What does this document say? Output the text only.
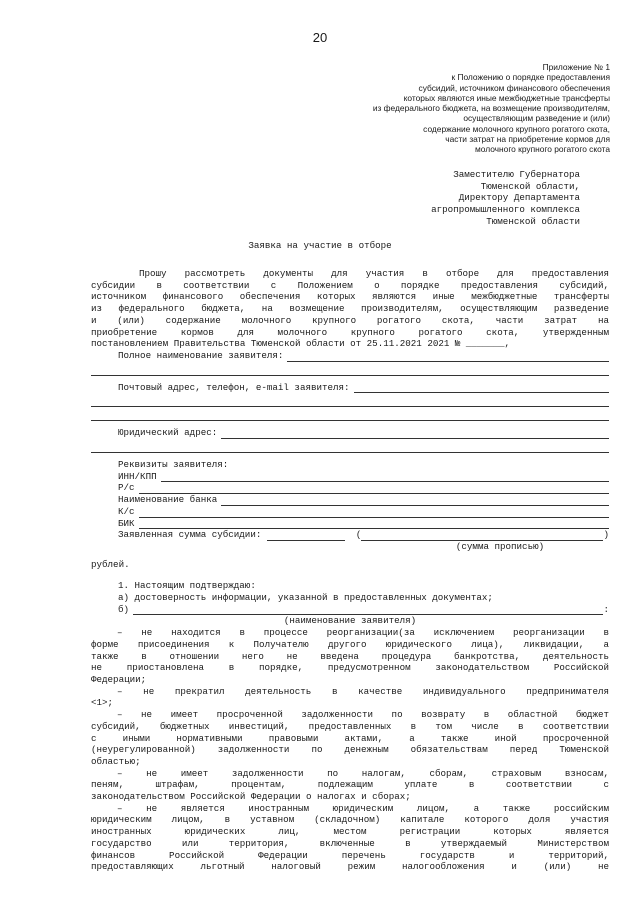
20
Приложение № 1
к Положению о порядке предоставления
субсидий, источником финансового обеспечения
которых являются иные межбюджетные трансферты
из федерального бюджета, на возмещение производителям,
осуществляющим разведение и (или)
содержание молочного крупного рогатого скота,
части затрат на приобретение кормов для
молочного крупного рогатого скота
Заместителю Губернатора
Тюменской области,
Директору Департамента
агропромышленного комплекса
Тюменской области
Заявка на участие в отборе

Прошу рассмотреть документы для участия в отборе для предоставления

субсидии в соответствии с Положением о порядке предоставления субсидий,

источником финансового обеспечения которых являются иные межбюджетные трансферты

из федерального бюджета, на возмещение производителям, осуществляющим разведение

и (или) содержание молочного крупного рогатого скота, части затрат на

приобретение кормов для молочного крупного рогатого скота, утвержденным

постановлением Правительства Тюменской области от 25.11.2021 2021 № _______,

Полное наименование заявителя:
Почтовый адрес, телефон, e-mail заявителя:
Юридический адрес:
Реквизиты заявителя:
ИНН/КПП
Р/с
Наименование банка
К/с
БИК
Заявленная сумма субсидии:
	(	)
(сумма прописью)
рублей.
1. Настоящим подтверждаю:
а) достоверность информации, указанной в предоставленных документах;
б)	:
(наименование заявителя)

– не находится в процессе реорганизации(за исключением реорганизации в

форме присоединения к Получателю другого юридического лица), ликвидации, а

также в отношении него не введена процедура банкротства, деятельность

не приостановлена в порядке, предусмотренном законодательством Российской

Федерации;

– не прекратил деятельность в качестве индивидуального предпринимателя

<1>;

– не имеет просроченной задолженности по возврату в областной бюджет

субсидий, бюджетных инвестиций, предоставленных в том числе в соответствии

с иными нормативными правовыми актами, а также иной просроченной

(неурегулированной) задолженности по денежным обязательствам перед Тюменской

областью;

– не имеет задолженности по налогам, сборам, страховым взносам,

пеням, штрафам, процентам, подлежащим уплате в соответствии с

законодательством Российской Федерации о налогах и сборах;

– не является иностранным юридическим лицом, а также российским

юридическим лицом, в уставном (складочном) капитале которого доля участия

иностранных юридических лиц, местом регистрации которых является

государство или территория, включенные в утверждаемый Министерством

финансов Российской Федерации перечень государств и территорий,

предоставляющих льготный налоговый режим налогообложения и (или) не
